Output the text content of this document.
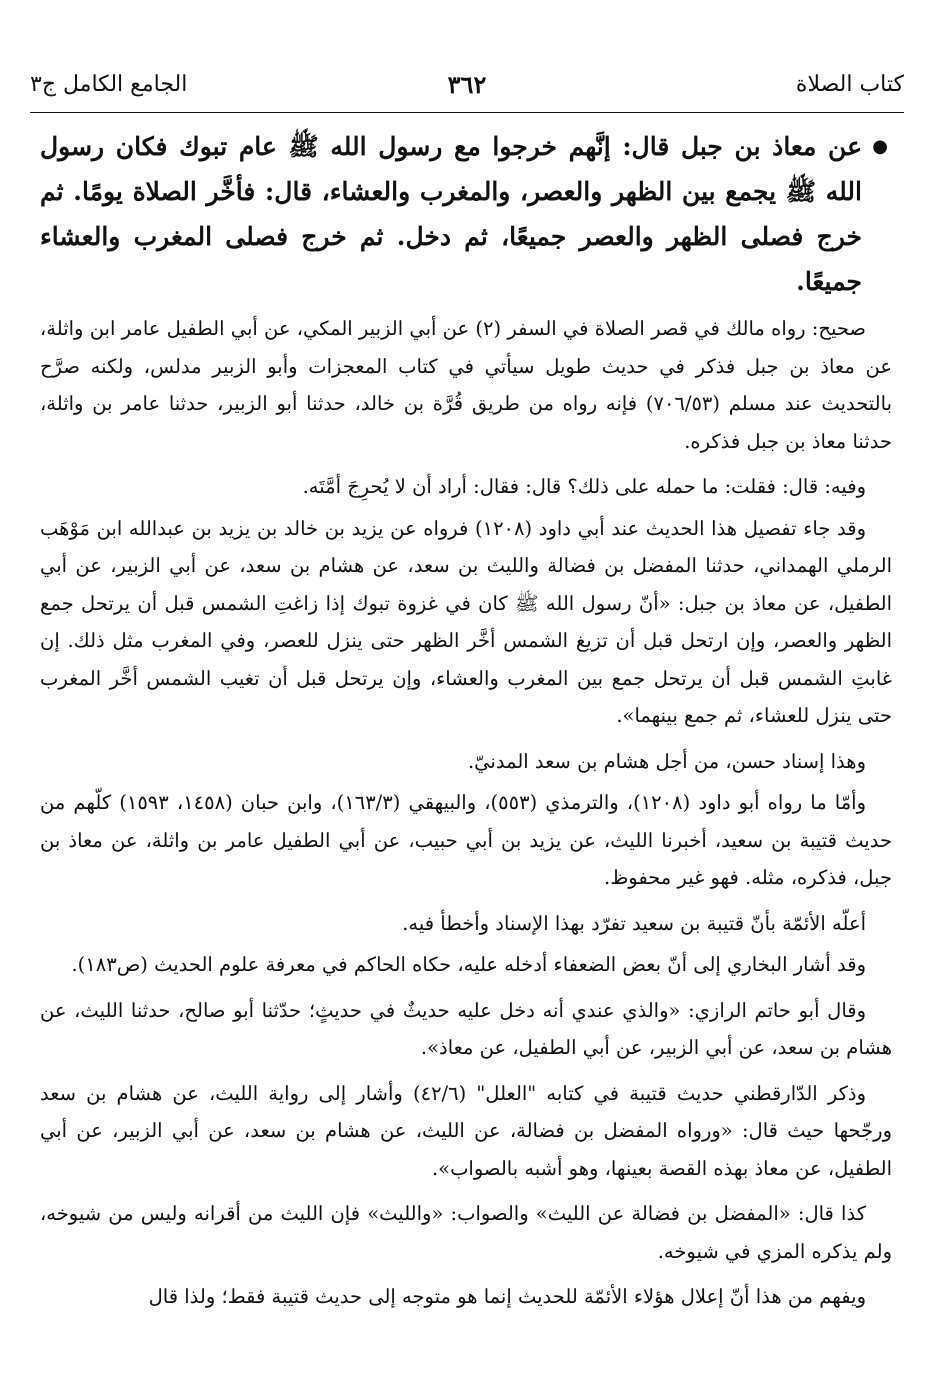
كتاب الصلاة
٣٦٢
الجامع الكامل ج٣
●
عن معاذ بن جبل قال: إنَّهم خرجوا مع رسول الله ﷺ عام تبوك فكان رسول الله ﷺ يجمع بين الظهر والعصر، والمغرب والعشاء، قال: فأخَّر الصلاة يومًا. ثم خرج فصلى الظهر والعصر جميعًا، ثم دخل. ثم خرج فصلى المغرب والعشاء جميعًا.

صحيح: رواه مالك في قصر الصلاة في السفر (٢) عن أبي الزبير المكي، عن أبي الطفيل عامر ابن واثلة، عن معاذ بن جبل فذكر في حديث طويل سيأتي في كتاب المعجزات وأبو الزبير مدلس، ولكنه صرَّح بالتحديث عند مسلم (٧٠٦/٥٣) فإنه رواه من طريق قُرَّة بن خالد، حدثنا أبو الزبير، حدثنا عامر بن واثلة، حدثنا معاذ بن جبل فذكره.

وفيه: قال: فقلت: ما حمله على ذلك؟ قال: فقال: أراد أن لا يُحرِجَ أمَّتَه.

وقد جاء تفصيل هذا الحديث عند أبي داود (١٢٠٨) فرواه عن يزيد بن خالد بن يزيد بن عبدالله ابن مَوْهَب الرملي الهمداني، حدثنا المفضل بن فضالة والليث بن سعد، عن هشام بن سعد، عن أبي الزبير، عن أبي الطفيل، عن معاذ بن جبل: «أنّ رسول الله ﷺ كان في غزوة تبوك إذا زاغتِ الشمس قبل أن يرتحل جمع الظهر والعصر، وإن ارتحل قبل أن تزيغ الشمس أخَّر الظهر حتى ينزل للعصر، وفي المغرب مثل ذلك. إن غابتِ الشمس قبل أن يرتحل جمع بين المغرب والعشاء، وإن يرتحل قبل أن تغيب الشمس أخَّر المغرب حتى ينزل للعشاء، ثم جمع بينهما».

وهذا إسناد حسن، من أجل هشام بن سعد المدنيّ.

وأمّا ما رواه أبو داود (١٢٠٨)، والترمذي (٥٥٣)، والبيهقي (١٦٣/٣)، وابن حبان (١٤٥٨، ١٥٩٣) كلّهم من حديث قتيبة بن سعيد، أخبرنا الليث، عن يزيد بن أبي حبيب، عن أبي الطفيل عامر بن واثلة، عن معاذ بن جبل، فذكره، مثله. فهو غير محفوظ.

أعلّه الأئمّة بأنّ قتيبة بن سعيد تفرّد بهذا الإسناد وأخطأ فيه.

وقد أشار البخاري إلى أنّ بعض الضعفاء أدخله عليه، حكاه الحاكم في معرفة علوم الحديث (ص١٨٣).

وقال أبو حاتم الرازي: «والذي عندي أنه دخل عليه حديثٌ في حديثٍ؛ حدّثنا أبو صالح، حدثنا الليث، عن هشام بن سعد، عن أبي الزبير، عن أبي الطفيل، عن معاذ».

وذكر الدّارقطني حديث قتيبة في كتابه "العلل" (٤٢/٦) وأشار إلى رواية الليث، عن هشام بن سعد ورجّحها حيث قال: «ورواه المفضل بن فضالة، عن الليث، عن هشام بن سعد، عن أبي الزبير، عن أبي الطفيل، عن معاذ بهذه القصة بعينها، وهو أشبه بالصواب».

كذا قال: «المفضل بن فضالة عن الليث» والصواب: «والليث» فإن الليث من أقرانه وليس من شيوخه، ولم يذكره المزي في شيوخه.

ويفهم من هذا أنّ إعلال هؤلاء الأئمّة للحديث إنما هو متوجه إلى حديث قتيبة فقط؛ ولذا قال
